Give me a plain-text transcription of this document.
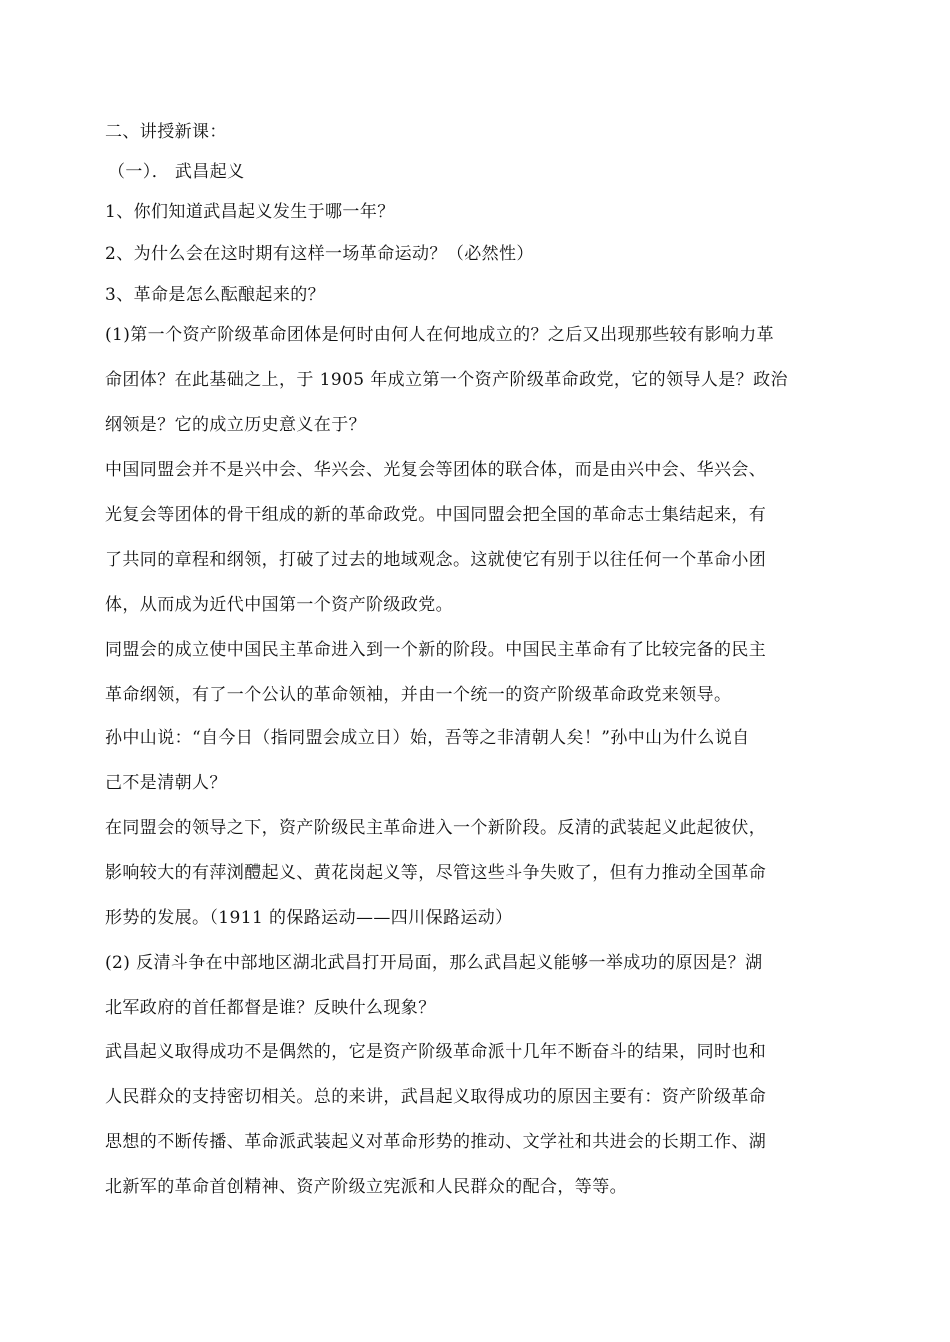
二、讲授新课：
（一）． 武昌起义
1、你们知道武昌起义发生于哪一年？
2、为什么会在这时期有这样一场革命运动？（必然性）
3、革命是怎么酝酿起来的？
(1)第一个资产阶级革命团体是何时由何人在何地成立的？之后又出现那些较有影响力革
命团体？在此基础之上，于 1905 年成立第一个资产阶级革命政党，它的领导人是？政治
纲领是？它的成立历史意义在于？
中国同盟会并不是兴中会、华兴会、光复会等团体的联合体，而是由兴中会、华兴会、
光复会等团体的骨干组成的新的革命政党。中国同盟会把全国的革命志士集结起来，有
了共同的章程和纲领，打破了过去的地域观念。这就使它有别于以往任何一个革命小团
体，从而成为近代中国第一个资产阶级政党。
同盟会的成立使中国民主革命进入到一个新的阶段。中国民主革命有了比较完备的民主
革命纲领，有了一个公认的革命领袖，并由一个统一的资产阶级革命政党来领导。
孙中山说：“自今日（指同盟会成立日）始，吾等之非清朝人矣！”孙中山为什么说自
己不是清朝人？
在同盟会的领导之下，资产阶级民主革命进入一个新阶段。反清的武装起义此起彼伏，
影响较大的有萍浏醴起义、黄花岗起义等，尽管这些斗争失败了，但有力推动全国革命
形势的发展。（1911 的保路运动——四川保路运动）
(2) 反清斗争在中部地区湖北武昌打开局面，那么武昌起义能够一举成功的原因是？湖
北军政府的首任都督是谁？反映什么现象？
武昌起义取得成功不是偶然的，它是资产阶级革命派十几年不断奋斗的结果，同时也和
人民群众的支持密切相关。总的来讲，武昌起义取得成功的原因主要有：资产阶级革命
思想的不断传播、革命派武装起义对革命形势的推动、文学社和共进会的长期工作、湖
北新军的革命首创精神、资产阶级立宪派和人民群众的配合，等等。
